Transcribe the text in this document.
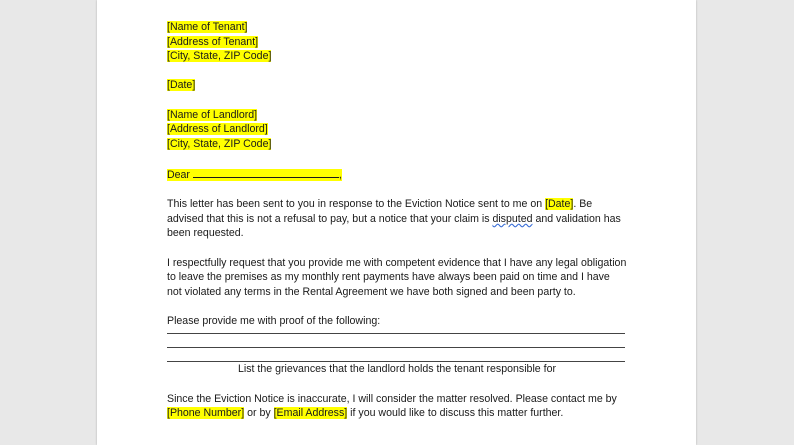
[Name of Tenant]
[Address of Tenant]
[City, State, ZIP Code]
[Date]
[Name of Landlord]
[Address of Landlord]
[City, State, ZIP Code]
Dear	,

This letter has been sent to you in response to the Eviction Notice sent to me on [Date]. Be advised that this is not a refusal to pay, but a notice that your claim is disputed and validation has been requested.

I respectfully request that you provide me with competent evidence that I have any legal obligation to leave the premises as my monthly rent payments have always been paid on time and I have not violated any terms in the Rental Agreement we have both signed and been party to.

Please provide me with proof of the following:

List the grievances that the landlord holds the tenant responsible for

Since the Eviction Notice is inaccurate, I will consider the matter resolved. Please contact me by [Phone Number] or by [Email Address] if you would like to discuss this matter further.
